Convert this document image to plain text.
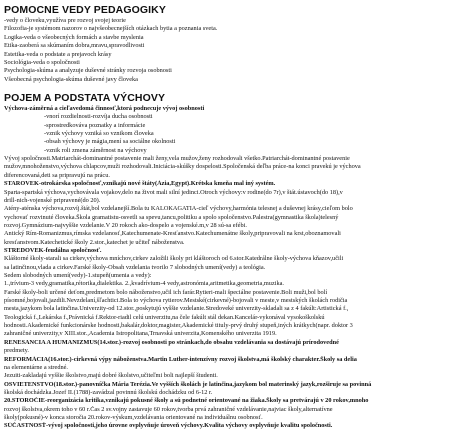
POMOCNE VEDY PEDAGOGIKY
-vedy o človeku,využíva pre rozvoj svojej teorie
Filozofia-je systémom nazorov o najvšeobecnejších otázkach bytia a poznania sveta.
Logika-veda o všeobecných formách a stavbe myslenia
Etika-zaoberá sa skúmaním dobra,mravu,spravodlivosti
Estetika-veda o podstate a prejavoch krásy
Sociológia-veda o spoločnosti
Psychologia-skúma a analyzuje duševné stránky rozvoja osobnosti
Všeobecná psychologia-skúma duševné javy človeka
POJEM A PODSTATA VÝCHOVY
Výchova-záměrná a cieľavedomá činnosť,ktorá podnecuje vývoj osobnosti
-vnorí rozdielnosti-rozvíja ducha osobnosti
-sprostredkováva poznatky a informácie
-vznik výchovy vzniká so vznikom človeka
-obsah výchovy je mágia,mení sa sociálne okolnosti
-vznik roli zmena záměrnost na výchovy
Vývoj spoločnosti.Matriarchát-dominantné postavenie mali ženy,vela mužov,ženy rozhodovali všetko.Patriarchát-dominantné postavenie
mužov,mnohoženstvo,výchova chlapcov,muži rozhodovali.Iniciácia-skúšky dospelosti.Spoločenská deľba práce-na konci pravekú je výchova
diferencovaná,deti sa pripravujú na prácu.
STAROVEK-otrokárska spoločnosť,vznikajú nové štáty(Ázia,Egypt).Krétska kmeňa mal iný systém.
Sparta-spartská výchova,vychovávala vojakov,delo na život mali silní jedinci.Otroch výchovy:v rodine(do 7r),v štát.ústavoch(do 18),v
drill-nich-vojenské pripravené(do 20).
Atény-aténska výchova,rozvíj.štát,bol vzdelanejší.Bola tu KALOKAGATIA-cieľ výchovy,harmónia telesnej a duševnej krásy,cieľom bolo
vychovať rozvinuté človeka.Škola gramatistu-osvetli sa spevu,tancu,politiku a spolo spoločenstvo.Palestra(gymnastika škola)telesný
rozvoj.Gymnázium-najvyššie vzdelanie.V 20 rokoch ako-dospelo a vojenské.m,v 28 sú-sa efébi.
Antický Rím-Romanizmus,rímska vzdelanosť,Katechumenate-Kresťanstvo.Katechumenátne školy,pripravovali na krst,oboznamovali
kresťanstvom.Katechetické školy 2.stor.,katechet je učiteľ náboženstva.
STREDOVEK-feudálna spoločnosť.
Kláštorné školy-starali sa cirkev,výchova mníchov,cirkev založili školy pri kláštoroch od 6.stor.Katedrálne školy-výchova kňazov,učili
sa latinčinou,vlada a cirkev.Farské školy-Obsah vzdelania tvorilo 7 slobodných umení(vedy) a teológia.
Sedem slobodných umení(vedy)-1.stupeň(umenia a vedy):
1.,trívium-3 vedy,gramatika,rétorika,dialektika. 2.,kvadrívium-4 vedy,astronómia,aritmetika,geometria,muzika.
Farské školy-boli určené deťom,predmetom bolo náboženstvo,učil ich farár.Rytieri-mali špeciálne postavenie.Boli muži,bol bolí
písomné,bojovali,jazdili.Nevzdelaní,šľachtici.Bola to výchova rytierov.Mestské(cirkevné)-bojovali v meste,v mestských školách rodičia
mesta,jazykom bola latinčina.Univerzity-od 12.stor.,poskytujú vyššie vzdelanie.Stredoveké univerzity-skladali sa z 4 fakúlt:Artistická f.,
Teologická f.,Lekárska f.,Právnická f.Rektor-riadil celú univerzitu,na čele fakúlt stál dekan.Kancelár-vykonával vysokoškolskú
hodnosti.Akademické funkcionárske hodnosti,bakalár,doktor,magister,Akademické tituly-prvý druhý stupeň,iných krátkych(napr. doktor 3
zahraničné univerzity,v XIII.stor.,Academia Istropolitana,Trnavská univerzita,Komenského univerzita 1919.
RENESANCIA A HUMANIZMUS(14.stor.)-rozvoj osobnosti po stránkach,do obsahu vzdelávania sa dostávajú prírodovedné
predmety.
REFORMÁCIA(16.stor.)-cirkevná výpy náboženstva.Martin Luther-intenzívny rozvoj školstva,má školský charakter.Školy sa delia
na elementárne a stredné.
Jezuiti-zakladajú vyššie školstvo,majú dobré školstvo,učiteľmi boli najlepší študenti.
OSVIETENSTVO(18.stor.)-panovníčka Mária Terézia.Ve vyšších školách je latinčina,jazykom bol materinský jazyk,rozširuje sa povinná
školská dochádzka.Jozef II.(1788)-zavádzal povinnú školskú dochádzku od 6-12 r.
20.STOROČIE-reorganizácia kritika,vznikajú pokusné školy a sú podnetné orientované na žiaka.Školy sa pretvárajú v 20 rokov,mnoho
rozvoj školstva,okrem toho v 60 r.Čas 2 sv.vojny zastavuje 60 rokov,tvorba prvá zahraničné vzdelávanie,najviac školy,alternatívne
školy(pokusné)-v konca storočia 20.rokov-výskum,vzdelávania orientované na individuálnu osobnosť.
SÚČASTNOSŤ-vývoj spoločnosti,jeho úrovne ovplyvňuje úroveň výchovy.Kvalita výchovy ovplyvňuje kvalitu spoločnosti.
